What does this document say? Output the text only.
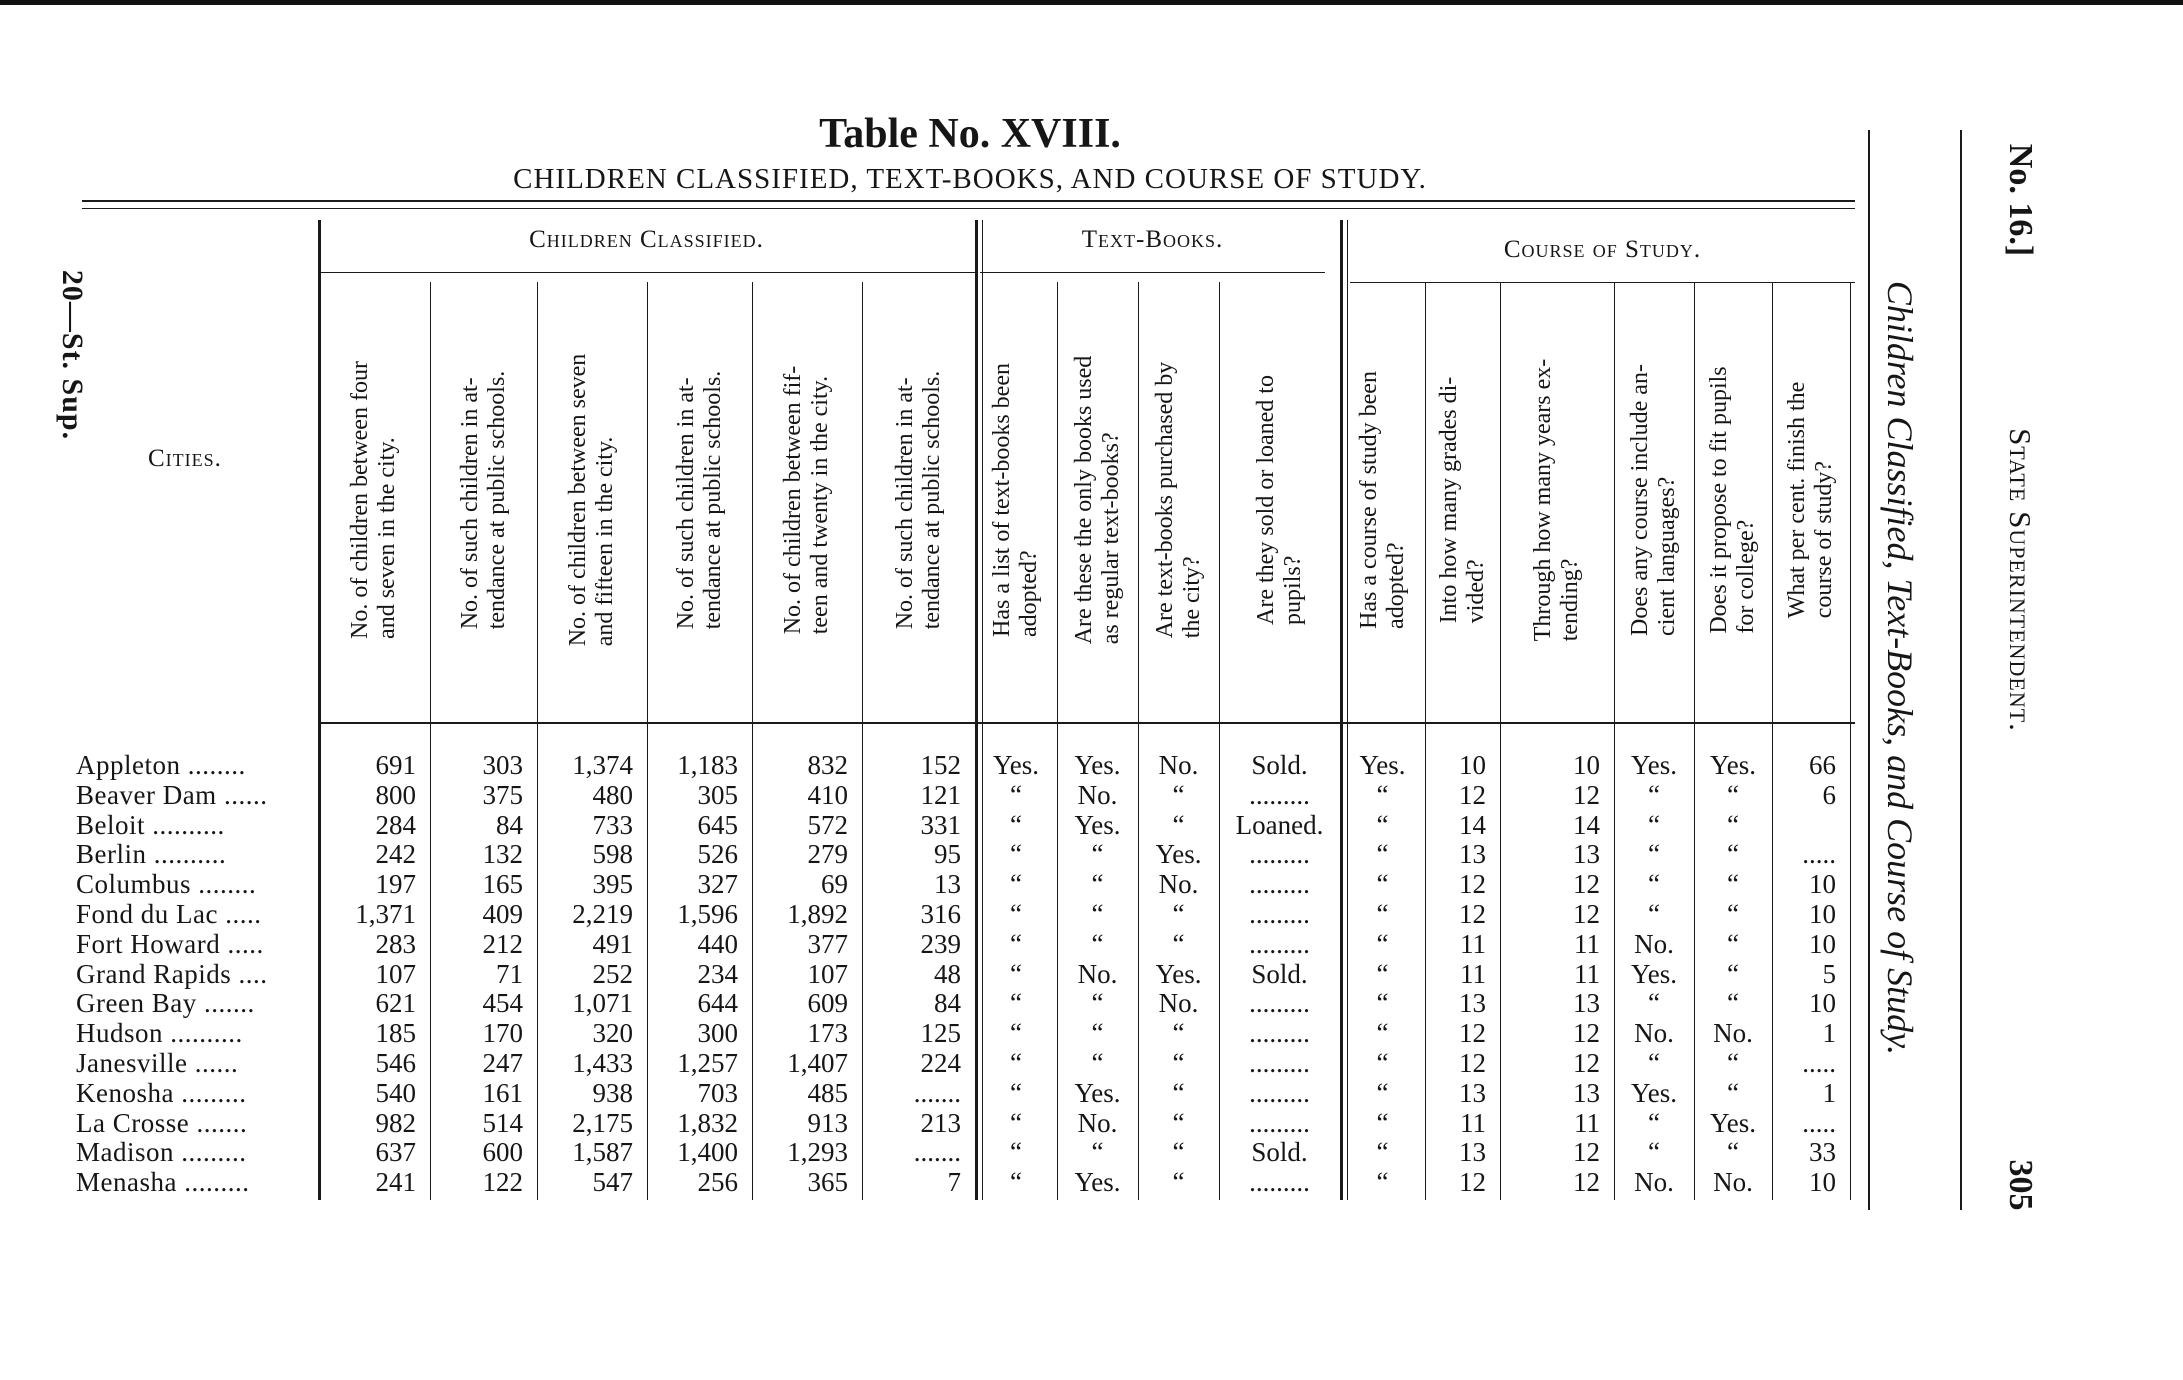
Table No. XVIII.
CHILDREN CLASSIFIED, TEXT-BOOKS, AND COURSE OF STUDY.
20—St. Sup.	Children Classified, Text-Books, and Course of Study.
No. 16.]
State Superintendent.
305
Children Classified.	Text-Books.	Course of Study.
Cities.	No. of children between four and seven in the city. No. of such children in at- tendance at public schools. No. of children between seven and fifteen in the city. No. of such children in at- tendance at public schools. No. of children between fif- teen and twenty in the city. No. of such children in at- tendance at public schools. Has a list of text-books been adopted? Are these the only books used as regular text-books? Are text-books purchased by the city? Are they sold or loaned to pupils? Has a course of study been adopted? Into how many grades di- vided? Through how many years ex- tending? Does any course include an- cient languages? Does it propose to fit pupils for college? What per cent. finish the course of study?
Appleton ........	691	303	1,374	1,183	832	152	Yes.	Yes.	No.	Sold.	Yes.	10	10	Yes.	Yes.	66
Beaver Dam ......	800	375	480	305	410	121	“	No.	“	.........	“	12	12	“	“	6
Beloit ..........	284	84	733	645	572	331	“	Yes.	“	Loaned.	“	14	14	“	“
Berlin ..........	242	132	598	526	279	95	“	“	Yes.	.........	“	13	13	“	“	.....
Columbus ........	197	165	395	327	69	13	“	“	No.	.........	“	12	12	“	“	10
Fond du Lac .....	1,371	409	2,219	1,596	1,892	316	“	“	“	.........	“	12	12	“	“	10
Fort Howard .....	283	212	491	440	377	239	“	“	“	.........	“	11	11	No.	“	10
Grand Rapids ....	107	71	252	234	107	48	“	No.	Yes.	Sold.	“	11	11	Yes.	“	5
Green Bay .......	621	454	1,071	644	609	84	“	“	No.	.........	“	13	13	“	“	10
Hudson ..........	185	170	320	300	173	125	“	“	“	.........	“	12	12	No.	No.	1
Janesville ......	546	247	1,433	1,257	1,407	224	“	“	“	.........	“	12	12	“	“	.....
Kenosha .........	540	161	938	703	485	.......	“	Yes.	“	.........	“	13	13	Yes.	“	1
La Crosse .......	982	514	2,175	1,832	913	213	“	No.	“	.........	“	11	11	“	Yes.	.....
Madison .........	637	600	1,587	1,400	1,293	.......	“	“	“	Sold.	“	13	12	“	“	33
Menasha .........	241	122	547	256	365	7	“	Yes.	“	.........	“	12	12	No.	No.	10
